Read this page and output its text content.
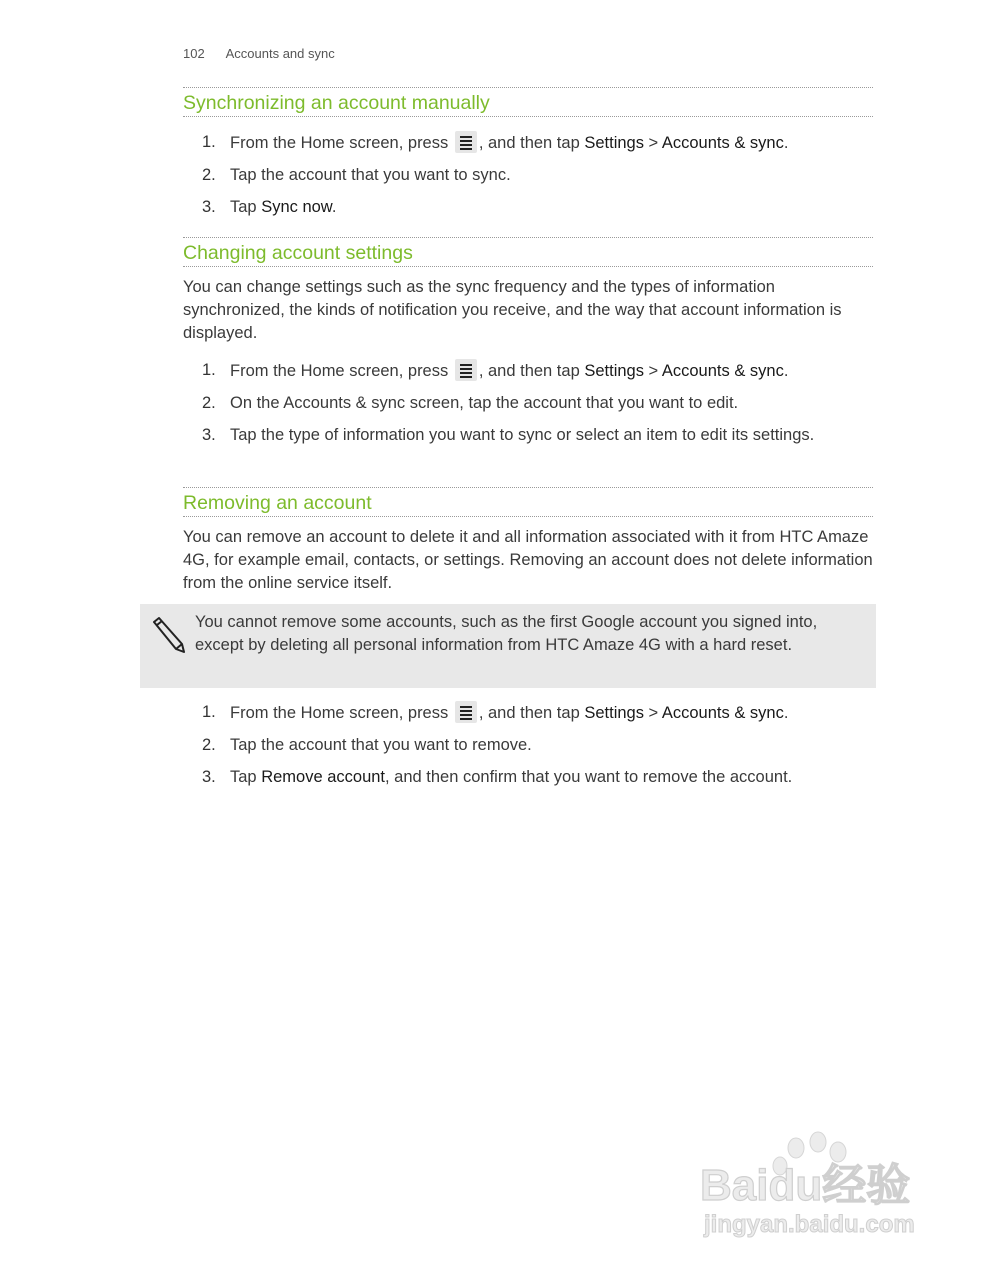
102 Accounts and sync
Synchronizing an account manually
1. From the Home screen, press
, and then tap Settings > Accounts & sync.
2. Tap the account that you want to sync.
3. Tap Sync now.
Changing account settings

You can change settings such as the sync frequency and the types of information synchronized, the kinds of notification you receive, and the way that account information is displayed.

1. From the Home screen, press
, and then tap Settings > Accounts & sync.
2. On the Accounts & sync screen, tap the account that you want to edit.
3. Tap the type of information you want to sync or select an item to edit its settings.
Removing an account

You can remove an account to delete it and all information associated with it from HTC Amaze 4G, for example email, contacts, or settings. Removing an account does not delete information from the online service itself.

You cannot remove some accounts, such as the first Google account you signed into, except by deleting all personal information from HTC Amaze 4G with a hard reset.
1. From the Home screen, press
, and then tap Settings > Accounts & sync.
2. Tap the account that you want to remove.
3. Tap Remove account, and then confirm that you want to remove the account.
Baidu经验
jingyan.baidu.com
